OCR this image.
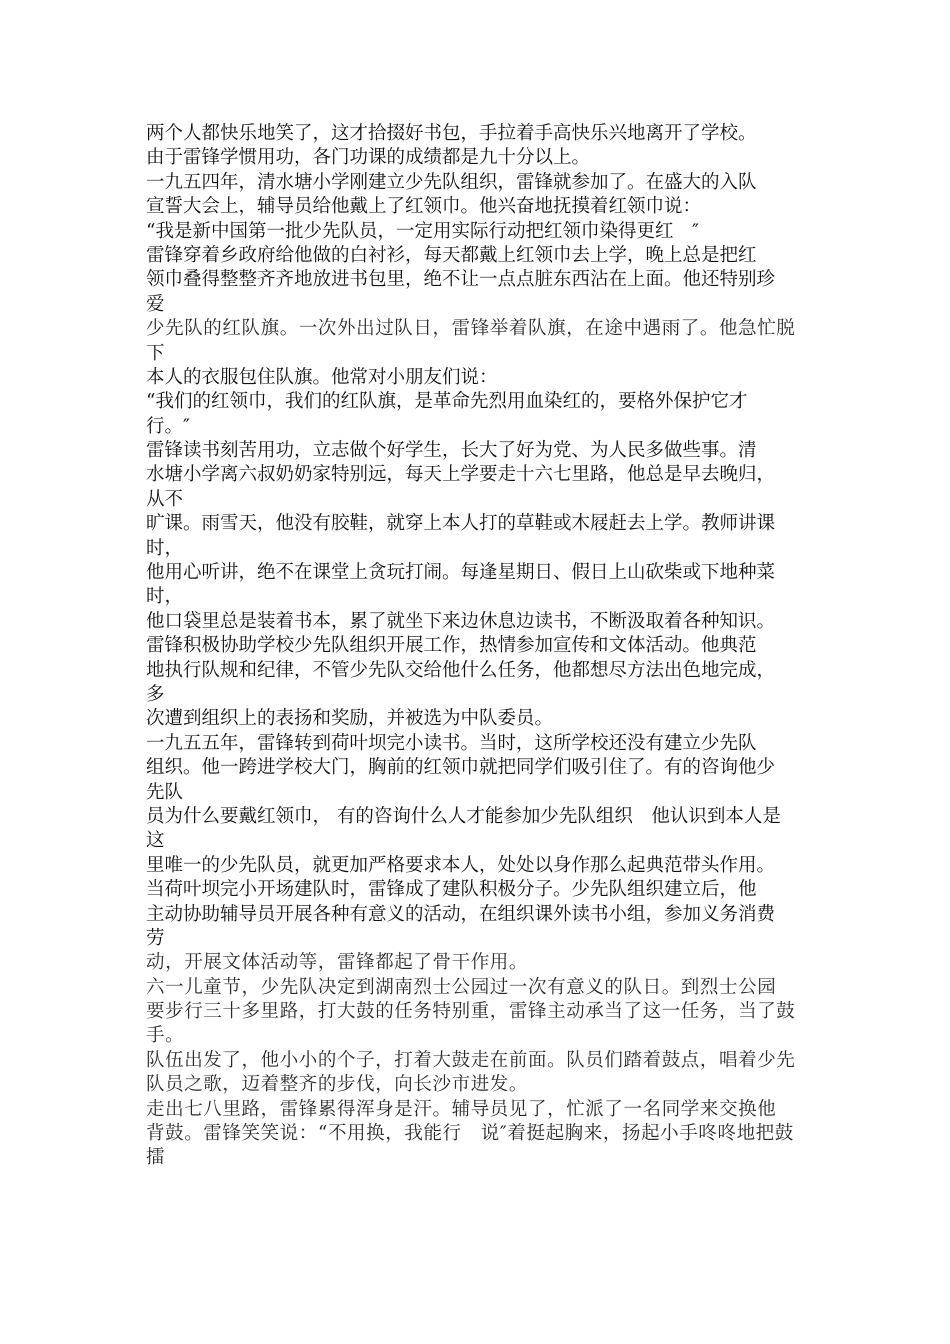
两个人都快乐地笑了，这才拾掇好书包，手拉着手高快乐兴地离开了学校。
由于雷锋学惯用功，各门功课的成绩都是九十分以上。
一九五四年，清水塘小学刚建立少先队组织，雷锋就参加了。在盛大的入队
宣誓大会上，辅导员给他戴上了红领巾。他兴奋地抚摸着红领巾说：
“我是新中国第一批少先队员，一定用实际行动把红领巾染得更红　″
雷锋穿着乡政府给他做的白衬衫，每天都戴上红领巾去上学，晚上总是把红
领巾叠得整整齐齐地放进书包里，绝不让一点点脏东西沾在上面。他还特别珍
爱
少先队的红队旗。一次外出过队日，雷锋举着队旗，在途中遇雨了。他急忙脱
下
本人的衣服包住队旗。他常对小朋友们说：
“我们的红领巾，我们的红队旗，是革命先烈用血染红的，要格外保护它才
行。″
雷锋读书刻苦用功，立志做个好学生，长大了好为党、为人民多做些事。清
水塘小学离六叔奶奶家特别远，每天上学要走十六七里路，他总是早去晚归，
从不
旷课。雨雪天，他没有胶鞋，就穿上本人打的草鞋或木屐赶去上学。教师讲课
时，
他用心听讲，绝不在课堂上贪玩打闹。每逢星期日、假日上山砍柴或下地种菜
时，
他口袋里总是装着书本，累了就坐下来边休息边读书，不断汲取着各种知识。
雷锋积极协助学校少先队组织开展工作，热情参加宣传和文体活动。他典范
地执行队规和纪律，不管少先队交给他什么任务，他都想尽方法出色地完成，
多
次遭到组织上的表扬和奖励，并被选为中队委员。
一九五五年，雷锋转到荷叶坝完小读书。当时，这所学校还没有建立少先队
组织。他一跨进学校大门，胸前的红领巾就把同学们吸引住了。有的咨询他少
先队
员为什么要戴红领巾， 有的咨询什么人才能参加少先队组织　他认识到本人是
这
里唯一的少先队员，就更加严格要求本人，处处以身作那么起典范带头作用。
当荷叶坝完小开场建队时，雷锋成了建队积极分子。少先队组织建立后，他
主动协助辅导员开展各种有意义的活动，在组织课外读书小组，参加义务消费
劳
动，开展文体活动等，雷锋都起了骨干作用。
六一儿童节，少先队决定到湖南烈士公园过一次有意义的队日。到烈士公园
要步行三十多里路，打大鼓的任务特别重，雷锋主动承当了这一任务，当了鼓
手。
队伍出发了，他小小的个子，打着大鼓走在前面。队员们踏着鼓点，唱着少先
队员之歌，迈着整齐的步伐，向长沙市进发。
走出七八里路，雷锋累得浑身是汗。辅导员见了，忙派了一名同学来交换他
背鼓。雷锋笑笑说：“不用换，我能行　说″着挺起胸来，扬起小手咚咚地把鼓
擂
